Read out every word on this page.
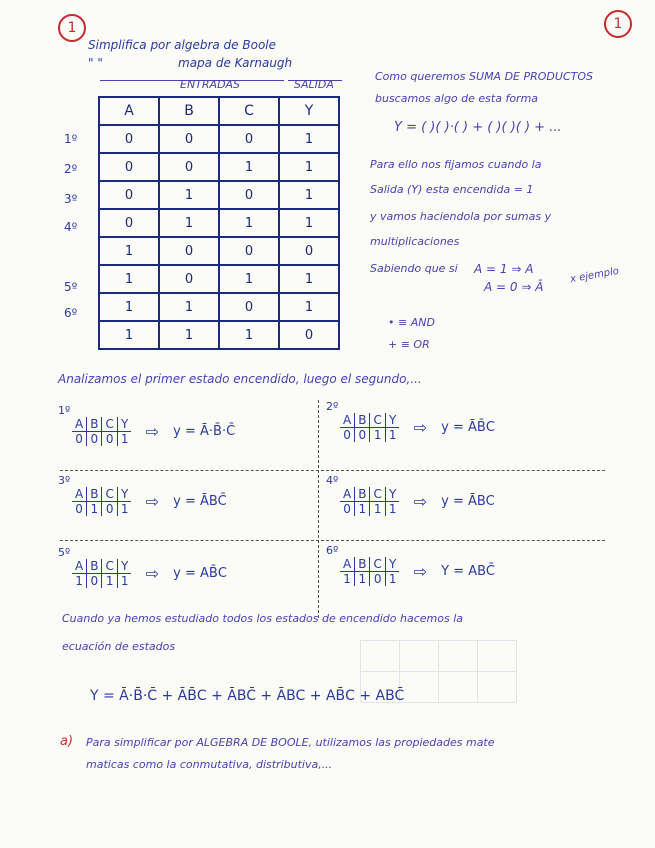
1	1

Simplifica por algebra de Boole
" "	mapa de Karnaugh
ENTRADAS	SALIDA
A	B	C	Y
0	0	0	1
0	0	1	1
0	1	0	1
0	1	1	1
1	0	0	0
1	0	1	1
1	1	0	1
1	1	1	0
1º
2º
3º
4º
5º
6º
Como queremos SUMA DE PRODUCTOS
buscamos algo de esta forma
Y = ( )( )·( ) + ( )( )( ) + ...
Para ello nos fijamos cuando la
Salida (Y) esta encendida = 1
y vamos haciendola por sumas y
multiplicaciones
Sabiendo que si A = 1 ⇒ A
A = 0 ⇒ Ā
x ejemplo
• ≡ AND
+ ≡ OR
Analizamos el primer estado encendido, luego el segundo,...
1º
A	B	C	Y
0	0	0	1 ⇨ y = Ā·B̄·C̄
2º
A	B	C	Y
0	0	1	1 ⇨ y = ĀB̄C
3º
A	B	C	Y
0	1	0	1 ⇨ y = ĀBC̄
4º
A	B	C	Y
0	1	1	1 ⇨ y = ĀBC
5º
A	B	C	Y
1	0	1	1 ⇨ y = AB̄C
6º
A	B	C	Y
1	1	0	1 ⇨ Y = ABC̄

Cuando ya hemos estudiado todos los estados de encendido hacemos la
ecuación de estados
Y = Ā·B̄·C̄ + ĀB̄C + ĀBC̄ + ĀBC + AB̄C + ABC̄
a) Para simplificar por ALGEBRA DE BOOLE, utilizamos las propiedades mate
maticas como la conmutativa, distributiva,...
